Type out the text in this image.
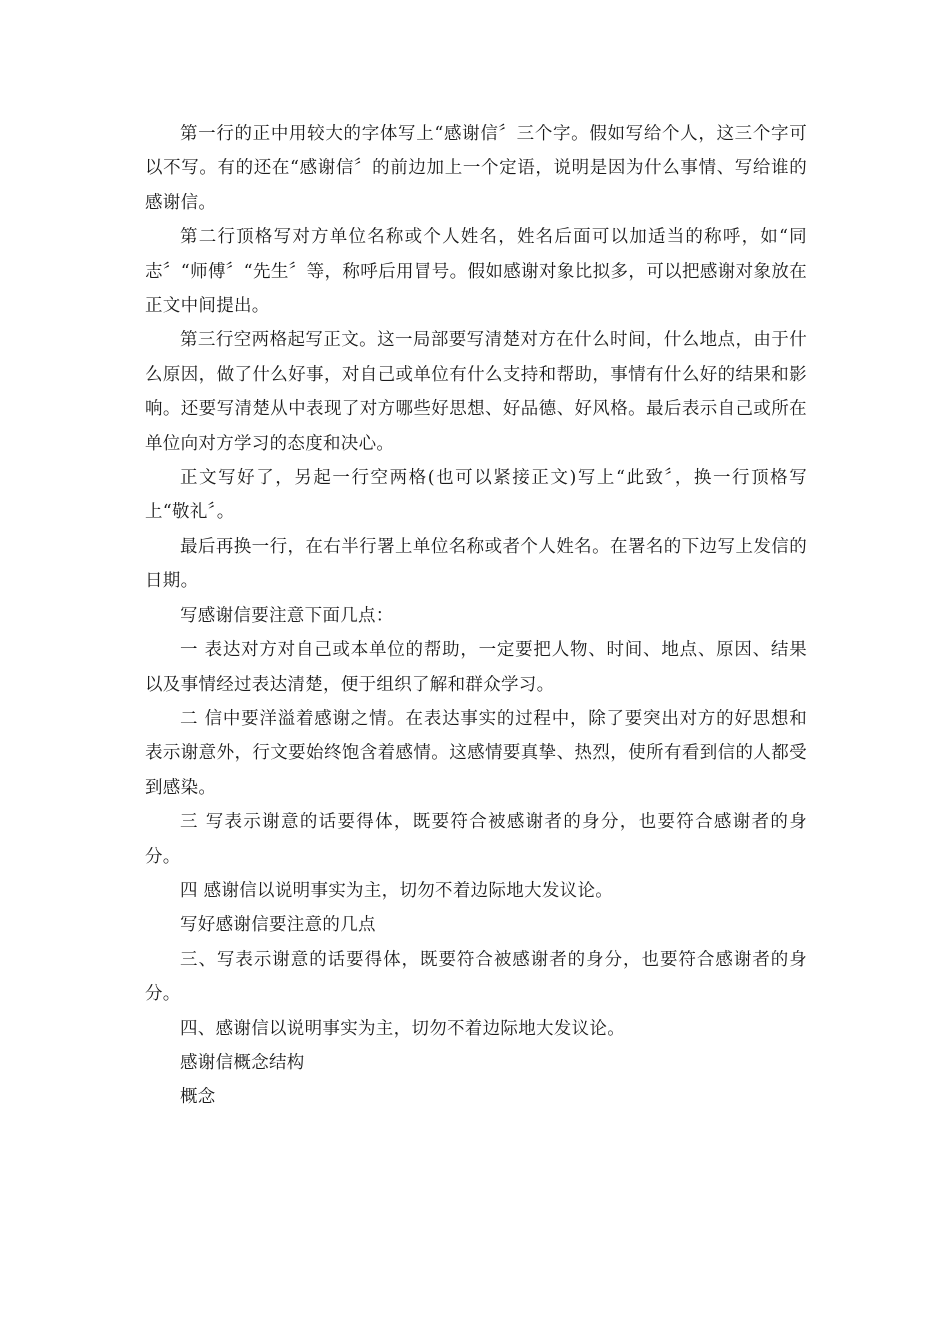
第一行的正中用较大的字体写上“感谢信〞三个字。假如写给个人，这三个字可以不写。有的还在“感谢信〞的前边加上一个定语，说明是因为什么事情、写给谁的感谢信。

第二行顶格写对方单位名称或个人姓名，姓名后面可以加适当的称呼，如“同志〞“师傅〞“先生〞等，称呼后用冒号。假如感谢对象比拟多，可以把感谢对象放在正文中间提出。

第三行空两格起写正文。这一局部要写清楚对方在什么时间，什么地点，由于什么原因，做了什么好事，对自己或单位有什么支持和帮助，事情有什么好的结果和影响。还要写清楚从中表现了对方哪些好思想、好品德、好风格。最后表示自己或所在单位向对方学习的态度和决心。

正文写好了，另起一行空两格(也可以紧接正文)写上“此致〞，换一行顶格写上“敬礼〞。

最后再换一行，在右半行署上单位名称或者个人姓名。在署名的下边写上发信的日期。

写感谢信要注意下面几点：

一 表达对方对自己或本单位的帮助，一定要把人物、时间、地点、原因、结果以及事情经过表达清楚，便于组织了解和群众学习。

二 信中要洋溢着感谢之情。在表达事实的过程中，除了要突出对方的好思想和表示谢意外，行文要始终饱含着感情。这感情要真挚、热烈，使所有看到信的人都受到感染。

三 写表示谢意的话要得体，既要符合被感谢者的身分，也要符合感谢者的身分。

四 感谢信以说明事实为主，切勿不着边际地大发议论。

写好感谢信要注意的几点

三、写表示谢意的话要得体，既要符合被感谢者的身分，也要符合感谢者的身分。

四、感谢信以说明事实为主，切勿不着边际地大发议论。

感谢信概念结构

概念
